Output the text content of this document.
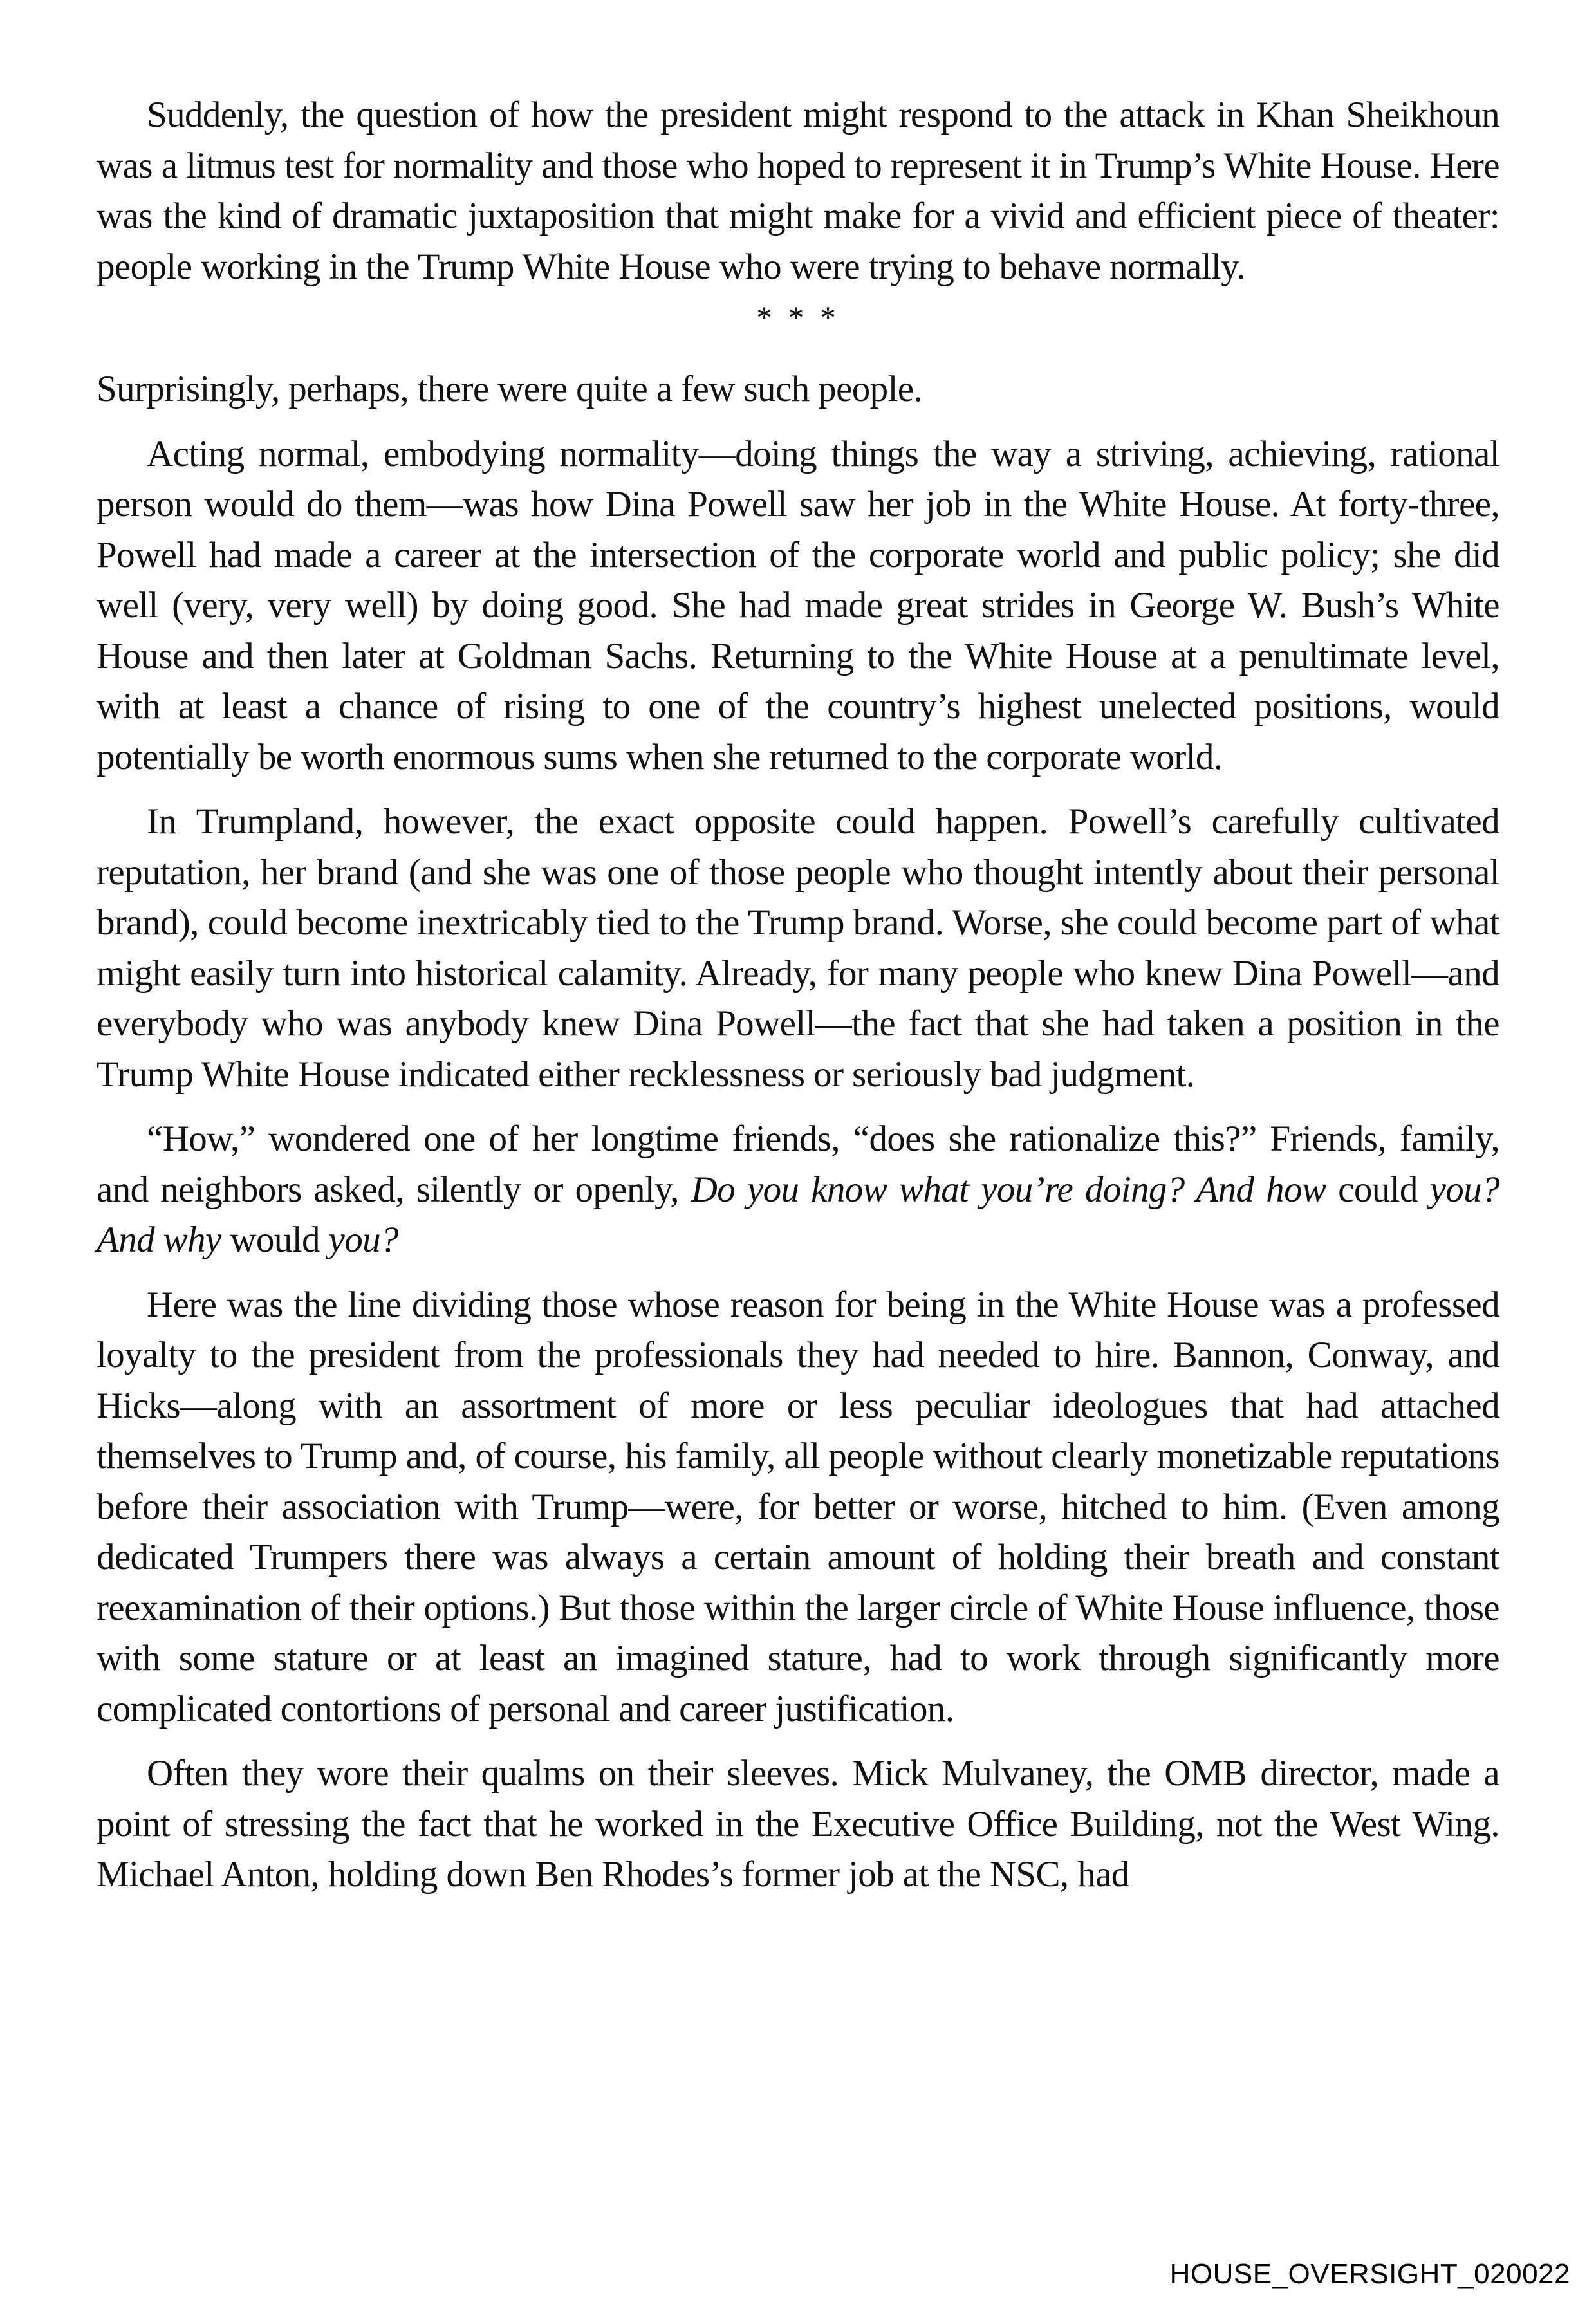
Suddenly, the question of how the president might respond to the attack in Khan Sheikhoun was a litmus test for normality and those who hoped to represent it in Trump’s White House. Here was the kind of dramatic juxtaposition that might make for a vivid and efficient piece of theater: people working in the Trump White House who were trying to behave normally.

* * *

Surprisingly, perhaps, there were quite a few such people.

Acting normal, embodying normality—doing things the way a striving, achieving, rational person would do them—was how Dina Powell saw her job in the White House. At forty-three, Powell had made a career at the intersection of the corporate world and public policy; she did well (very, very well) by doing good. She had made great strides in George W. Bush’s White House and then later at Goldman Sachs. Returning to the White House at a penultimate level, with at least a chance of rising to one of the country’s highest unelected positions, would potentially be worth enormous sums when she returned to the corporate world.

In Trumpland, however, the exact opposite could happen. Powell’s carefully cultivated reputation, her brand (and she was one of those people who thought intently about their personal brand), could become inextricably tied to the Trump brand. Worse, she could become part of what might easily turn into historical calamity. Already, for many people who knew Dina Powell—and everybody who was anybody knew Dina Powell—the fact that she had taken a position in the Trump White House indicated either recklessness or seriously bad judgment.

“How,” wondered one of her longtime friends, “does she rationalize this?” Friends, family, and neighbors asked, silently or openly, Do you know what you’re doing? And how could you? And why would you?

Here was the line dividing those whose reason for being in the White House was a professed loyalty to the president from the professionals they had needed to hire. Bannon, Conway, and Hicks—along with an assortment of more or less peculiar ideologues that had attached themselves to Trump and, of course, his family, all people without clearly monetizable reputations before their association with Trump—were, for better or worse, hitched to him. (Even among dedicated Trumpers there was always a certain amount of holding their breath and constant reexamination of their options.) But those within the larger circle of White House influence, those with some stature or at least an imagined stature, had to work through significantly more complicated contortions of personal and career justification.

Often they wore their qualms on their sleeves. Mick Mulvaney, the OMB director, made a point of stressing the fact that he worked in the Executive Office Building, not the West Wing. Michael Anton, holding down Ben Rhodes’s former job at the NSC, had

HOUSE_OVERSIGHT_020022
